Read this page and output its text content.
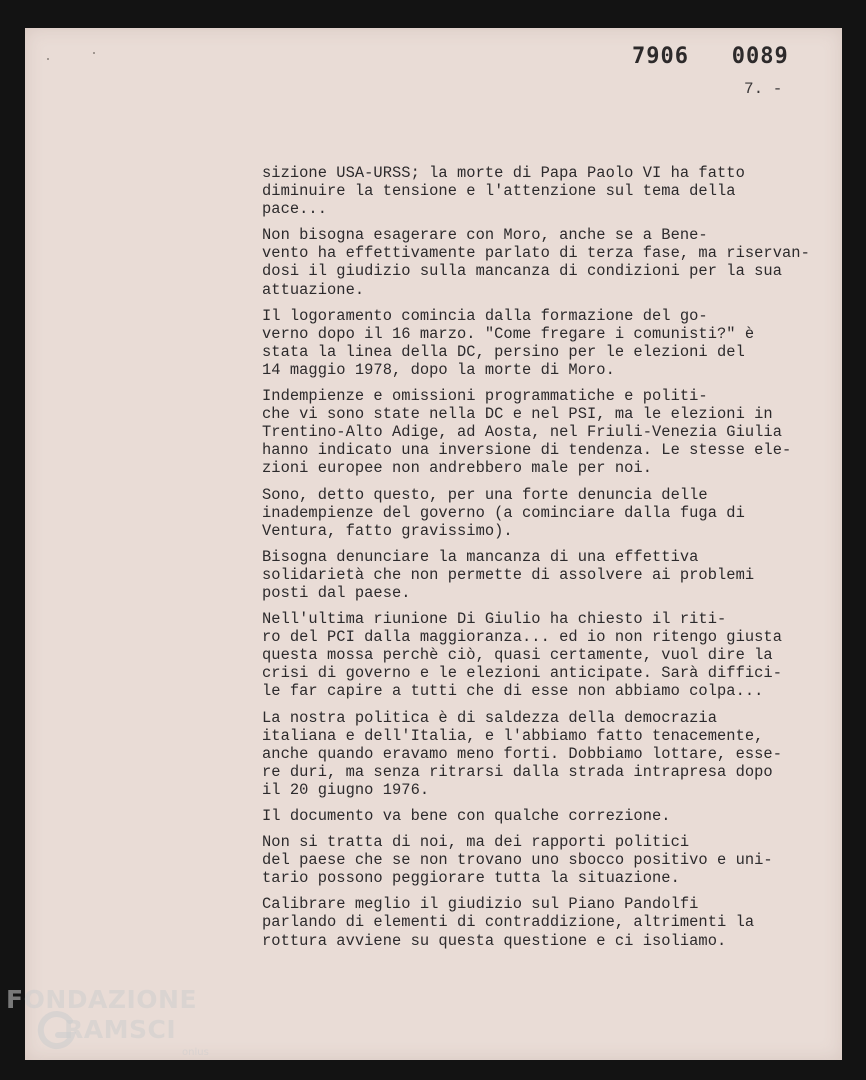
7906   0089
7. -

sizione USA-URSS; la morte di Papa Paolo VI ha fatto
diminuire la tensione e l'attenzione sul tema della
pace...

Non bisogna esagerare con Moro, anche se a Bene-
vento ha effettivamente parlato di terza fase, ma riservan-
dosi il giudizio sulla mancanza di condizioni per la sua
attuazione.

Il logoramento comincia dalla formazione del go-
verno dopo il 16 marzo. "Come fregare i comunisti?" è
stata la linea della DC, persino per le elezioni del
14 maggio 1978, dopo la morte di Moro.

Indempienze e omissioni programmatiche e politi-
che vi sono state nella DC e nel PSI, ma le elezioni in
Trentino-Alto Adige, ad Aosta, nel Friuli-Venezia Giulia
hanno indicato una inversione di tendenza. Le stesse ele-
zioni europee non andrebbero male per noi.

Sono, detto questo, per una forte denuncia delle
inadempienze del governo (a cominciare dalla fuga di
Ventura, fatto gravissimo).

Bisogna denunciare la mancanza di una effettiva
solidarietà che non permette di assolvere ai problemi
posti dal paese.

Nell'ultima riunione Di Giulio ha chiesto il riti-
ro del PCI dalla maggioranza... ed io non ritengo giusta
questa mossa perchè ciò, quasi certamente, vuol dire la
crisi di governo e le elezioni anticipate. Sarà diffici-
le far capire a tutti che di esse non abbiamo colpa...

La nostra politica è di saldezza della democrazia
italiana e dell'Italia, e l'abbiamo fatto tenacemente,
anche quando eravamo meno forti. Dobbiamo lottare, esse-
re duri, ma senza ritrarsi dalla strada intrapresa dopo
il 20 giugno 1976.

Il documento va bene con qualche correzione.

Non si tratta di noi, ma dei rapporti politici
del paese che se non trovano uno sbocco positivo e uni-
tario possono peggiorare tutta la situazione.

Calibrare meglio il giudizio sul Piano Pandolfi
parlando di elementi di contraddizione, altrimenti la
rottura avviene su questa questione e ci isoliamo.

FONDAZIONE
RAMSCI
onlus
